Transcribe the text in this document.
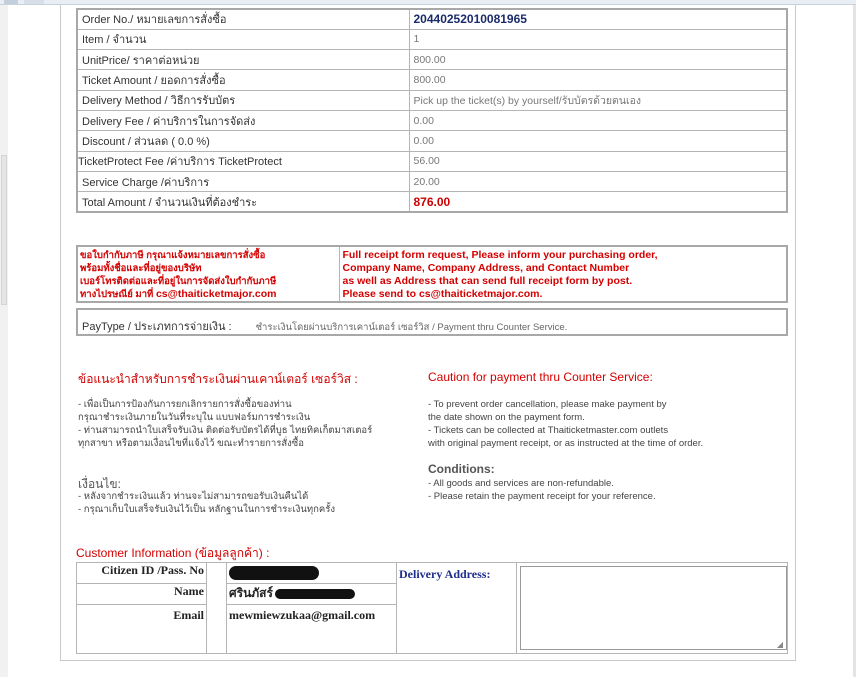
Order No./ หมายเลขการสั่งซื้อ	20440252010081965
Item / จำนวน	1
UnitPrice/ ราคาต่อหน่วย	800.00
Ticket Amount / ยอดการสั่งซื้อ	800.00
Delivery Method / วิธีการรับบัตร	Pick up the ticket(s) by yourself/รับบัตรด้วยตนเอง
Delivery Fee / ค่าบริการในการจัดส่ง	0.00
Discount / ส่วนลด ( 0.0 %)	0.00
TicketProtect Fee /ค่าบริการ TicketProtect	56.00
Service Charge /ค่าบริการ	20.00
Total Amount / จำนวนเงินที่ต้องชำระ	876.00
ขอใบกำกับภาษี กรุณาแจ้งหมายเลขการสั่งซื้อ
พร้อมทั้งชื่อและที่อยู่ของบริษัท
เบอร์โทรติดต่อและที่อยู่ในการจัดส่งใบกำกับภาษี
ทางไปรษณีย์ มาที่ cs@thaiticketmajor.com

Full receipt form request, Please inform your purchasing order,
Company Name, Company Address, and Contact Number
as well as Address that can send full receipt form by post.
Please send to cs@thaiticketmajor.com.
PayType / ประเภทการจ่ายเงิน :	ชำระเงินโดยผ่านบริการเคาน์เตอร์ เซอร์วิส / Payment thru Counter Service.
ข้อแนะนำสำหรับการชำระเงินผ่านเคาน์เตอร์ เซอร์วิส :
- เพื่อเป็นการป้องกันการยกเลิกรายการสั่งซื้อของท่าน
กรุณาชำระเงินภายในวันที่ระบุใน แบบฟอร์มการชำระเงิน
- ท่านสามารถนำใบเสร็จรับเงิน ติดต่อรับบัตรได้ที่บูธ ไทยทิคเก็ตมาสเตอร์
ทุกสาขา หรือตามเงื่อนไขที่แจ้งไว้ ขณะทำรายการสั่งซื้อ
เงื่อนไข:
- หลังจากชำระเงินแล้ว ท่านจะไม่สามารถขอรับเงินคืนได้
- กรุณาเก็บใบเสร็จรับเงินไว้เป็น หลักฐานในการชำระเงินทุกครั้ง
Caution for payment thru Counter Service:
- To prevent order cancellation, please make payment by
the date shown on the payment form.
- Tickets can be collected at Thaiticketmaster.com outlets
with original payment receipt, or as instructed at the time of order.
Conditions:
- All goods and services are non-refundable.
- Please retain the payment receipt for your reference.
Customer Information (ข้อมูลลูกค้า) :
Citizen ID /Pass. No			Delivery Address:	◢

Name		ศรินภัสร์		
Email		mewmiewzukaa@gmail.com		
